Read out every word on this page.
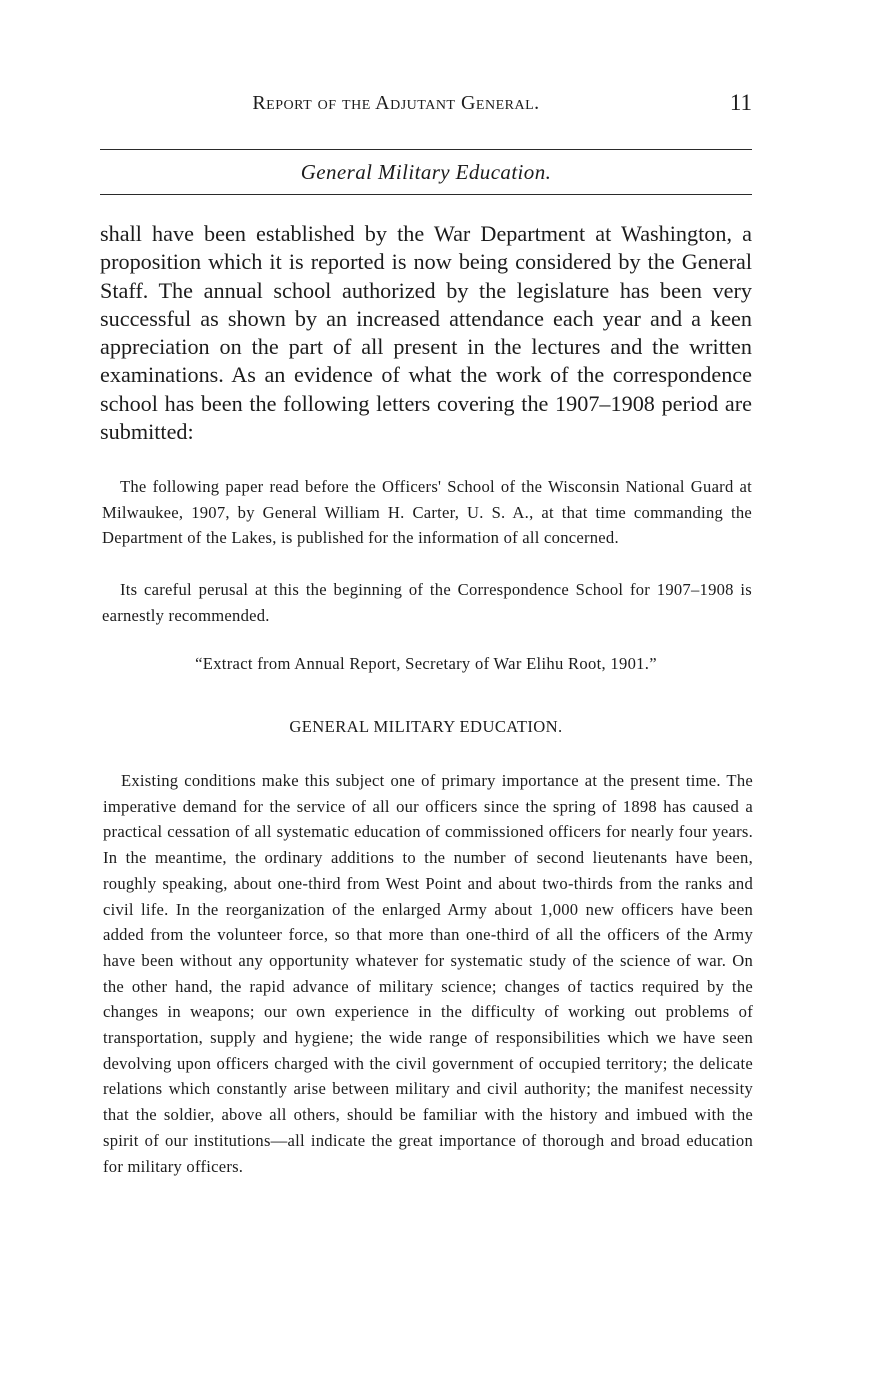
Report of the Adjutant General.	11
General Military Education.

shall have been established by the War Department at Washington, a proposition which it is reported is now being considered by the General Staff. The annual school authorized by the legislature has been very successful as shown by an increased attendance each year and a keen appreciation on the part of all present in the lectures and the written examinations. As an evidence of what the work of the correspondence school has been the following letters covering the 1907–1908 period are submitted:

The following paper read before the Officers' School of the Wisconsin National Guard at Milwaukee, 1907, by General William H. Carter, U. S. A., at that time commanding the Department of the Lakes, is published for the information of all concerned.

Its careful perusal at this the beginning of the Correspondence School for 1907–1908 is earnestly recommended.

“Extract from Annual Report, Secretary of War Elihu Root, 1901.”

GENERAL MILITARY EDUCATION.

Existing conditions make this subject one of primary importance at the present time. The imperative demand for the service of all our officers since the spring of 1898 has caused a practical cessation of all systematic education of commissioned officers for nearly four years. In the meantime, the ordinary additions to the number of second lieutenants have been, roughly speaking, about one-third from West Point and about two-thirds from the ranks and civil life. In the reorganization of the enlarged Army about 1,000 new officers have been added from the volunteer force, so that more than one-third of all the officers of the Army have been without any opportunity whatever for systematic study of the science of war. On the other hand, the rapid advance of military science; changes of tactics required by the changes in weapons; our own experience in the difficulty of working out problems of transportation, supply and hygiene; the wide range of responsibilities which we have seen devolving upon officers charged with the civil government of occupied territory; the delicate relations which constantly arise between military and civil authority; the manifest necessity that the soldier, above all others, should be familiar with the history and imbued with the spirit of our institutions—all indicate the great importance of thorough and broad education for military officers.
